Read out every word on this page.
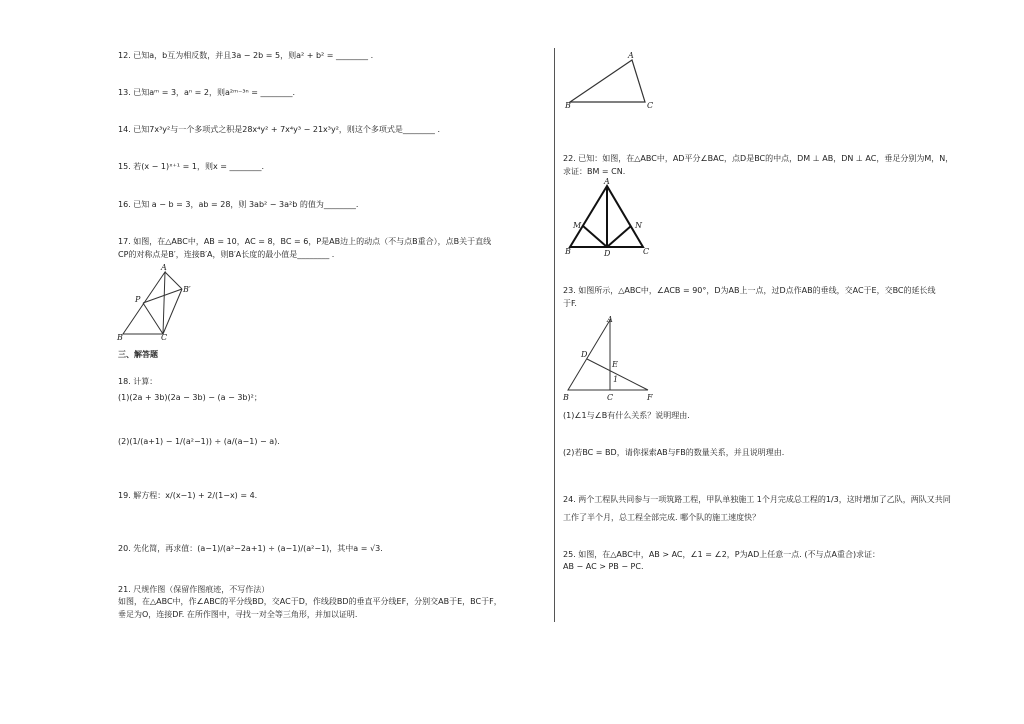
12. 已知a，b互为相反数，并且3a − 2b = 5，则a² + b² = ________ .
13. 已知aᵐ = 3，aⁿ = 2，则a²ᵐ⁻³ⁿ = ________.
14. 已知7x³y²与一个多项式之积是28x⁴y² + 7x⁴y³ − 21x³y²，则这个多项式是________ .
15. 若(x − 1)ˣ⁺¹ = 1，则x = ________.
16. 已知 a − b = 3，ab = 28，则 3ab² − 3a²b 的值为________.
17. 如图，在△ABC中，AB = 10，AC = 8，BC = 6，P是AB边上的动点（不与点B重合），点B关于直线
CP的对称点是B′，连接B′A，则B′A长度的最小值是________ .
A
B	C
P
B′
三、解答题
18. 计算：
(1)(2a + 3b)(2a − 3b) − (a − 3b)²；
(2)(1/(a+1) − 1/(a²−1)) ÷ (a/(a−1) − a).
19. 解方程：x/(x−1) + 2/(1−x) = 4.
20. 先化简，再求值：(a−1)/(a²−2a+1) ÷ (a−1)/(a²−1)，其中a = √3.
21. 尺规作图（保留作图痕迹，不写作法）
如图，在△ABC中，作∠ABC的平分线BD，交AC于D，作线段BD的垂直平分线EF，分别交AB于E，BC于F，
垂足为O，连接DF. 在所作图中，寻找一对全等三角形，并加以证明.
A
B	C
22. 已知：如图，在△ABC中，AD平分∠BAC，点D是BC的中点，DM ⊥ AB，DN ⊥ AC，垂足分别为M，N，
求证：BM = CN.
A
B	C
D
M	N
23. 如图所示，△ABC中，∠ACB = 90°，D为AB上一点，过D点作AB的垂线，交AC于E，交BC的延长线
于F.
A
B	C
D
E
F
1
(1)∠1与∠B有什么关系？说明理由.
(2)若BC = BD，请你探索AB与FB的数量关系，并且说明理由.
24. 两个工程队共同参与一项筑路工程，甲队单独施工 1个月完成总工程的1/3，这时增加了乙队，两队又共同
工作了半个月，总工程全部完成. 哪个队的施工速度快？
25. 如图，在△ABC中，AB > AC，∠1 = ∠2，P为AD上任意一点. (不与点A重合)求证：
AB − AC > PB − PC.
